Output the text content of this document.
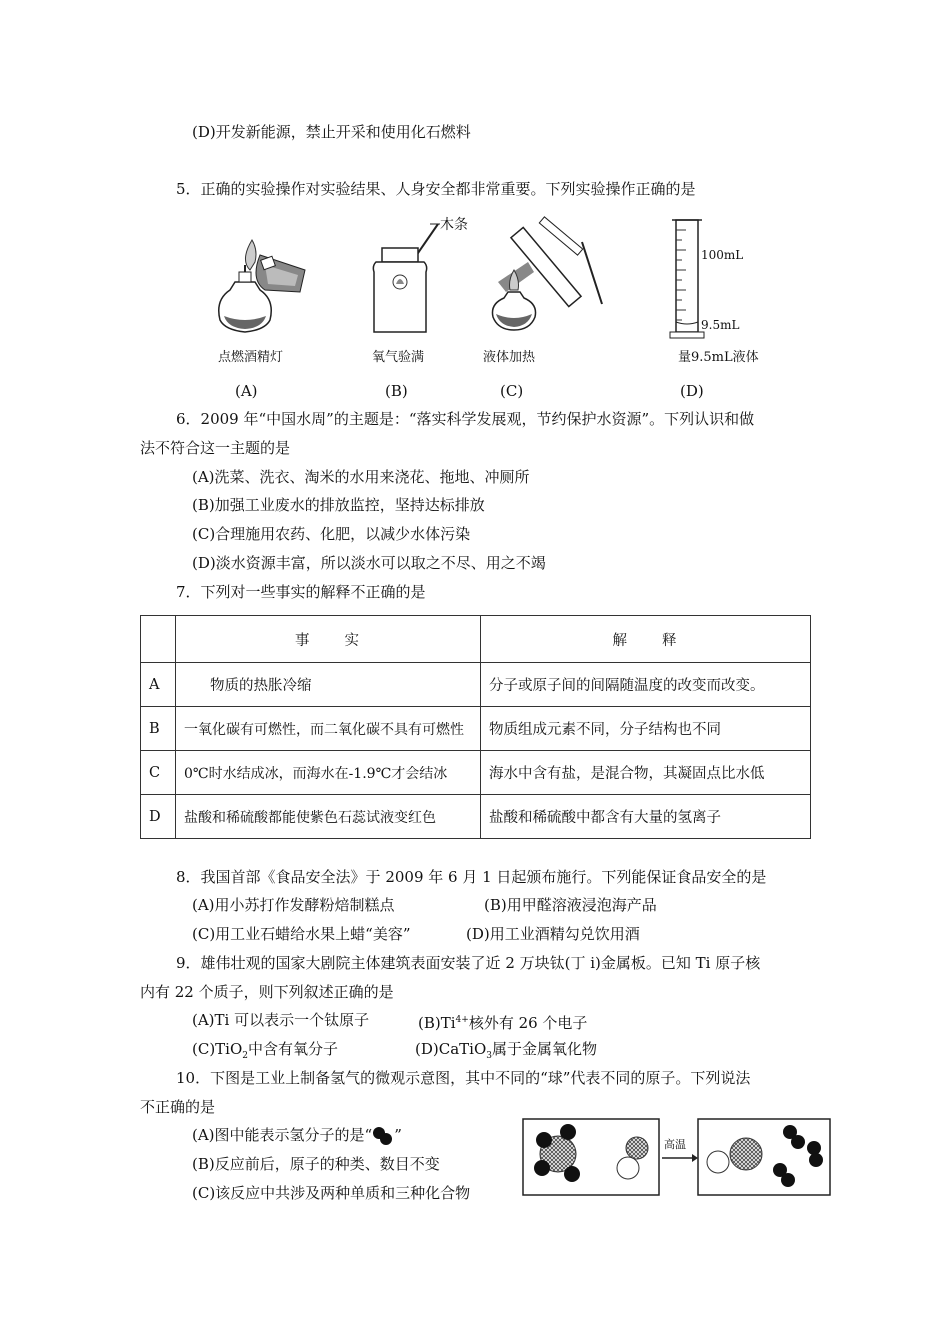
(D)开发新能源，禁止开采和使用化石燃料
5．正确的实验操作对实验结果、人身安全都非常重要。下列实验操作正确的是
点燃酒精灯
木条
氧气验满	液体加热
100mL
9.5mL
量9.5mL液体
(A)	(B)	(C)	(D)
6．2009 年“中国水周”的主题是：“落实科学发展观，节约保护水资源”。下列认识和做
法不符合这一主题的是
(A)洗菜、洗衣、淘米的水用来浇花、拖地、冲厕所
(B)加强工业废水的排放监控，坚持达标排放
(C)合理施用农药、化肥，以减少水体污染
(D)淡水资源丰富，所以淡水可以取之不尽、用之不竭
7．下列对一些事实的解释不正确的是
	事　　实	解　　释
A	物质的热胀冷缩	分子或原子间的间隔随温度的改变而改变。
B	一氧化碳有可燃性，而二氧化碳不具有可燃性	物质组成元素不同，分子结构也不同
C	0℃时水结成冰，而海水在-1.9℃才会结冰	海水中含有盐，是混合物，其凝固点比水低
D	盐酸和稀硫酸都能使紫色石蕊试液变红色	盐酸和稀硫酸中都含有大量的氢离子
8．我国首部《食品安全法》于 2009 年 6 月 1 日起颁布施行。下列能保证食品安全的是
(A)用小苏打作发酵粉焙制糕点	(B)用甲醛溶液浸泡海产品
(C)用工业石蜡给水果上蜡“美容”	(D)用工业酒精勾兑饮用酒
9．雄伟壮观的国家大剧院主体建筑表面安装了近 2 万块钛(丁 i)金属板。已知 Ti 原子核
内有 22 个质子，则下列叙述正确的是
(A)Ti 可以表示一个钛原子	$(B)Ti^{4+}$核外有 26 个电子
(C)TiO$_2$中含有氧分子	(D)CaTiO$_3$属于金属氧化物
10．下图是工业上制备氢气的微观示意图，其中不同的“球”代表不同的原子。下列说法
不正确的是
(A)图中能表示氢分子的是“ ”
(B)反应前后，原子的种类、数目不变
(C)该反应中共涉及两种单质和三种化合物
高温
